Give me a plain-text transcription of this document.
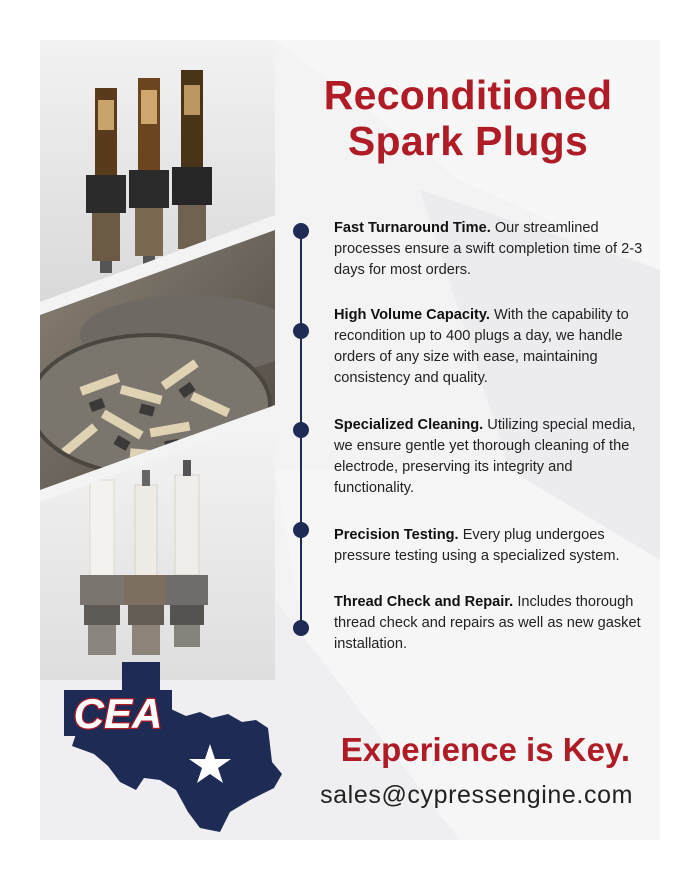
Reconditioned
Spark Plugs
Fast Turnaround Time. Our streamlined processes ensure a swift completion time of 2-3 days for most orders.
High Volume Capacity. With the capability to recondition up to 400 plugs a day, we handle orders of any size with ease, maintaining consistency and quality.
Specialized Cleaning. Utilizing special media, we ensure gentle yet thorough cleaning of the electrode, preserving its integrity and functionality.
Precision Testing. Every plug undergoes pressure testing using a specialized system.
Thread Check and Repair. Includes thorough thread check and repairs as well as new gasket installation.
CEA
Experience is Key.
sales@cypressengine.com
